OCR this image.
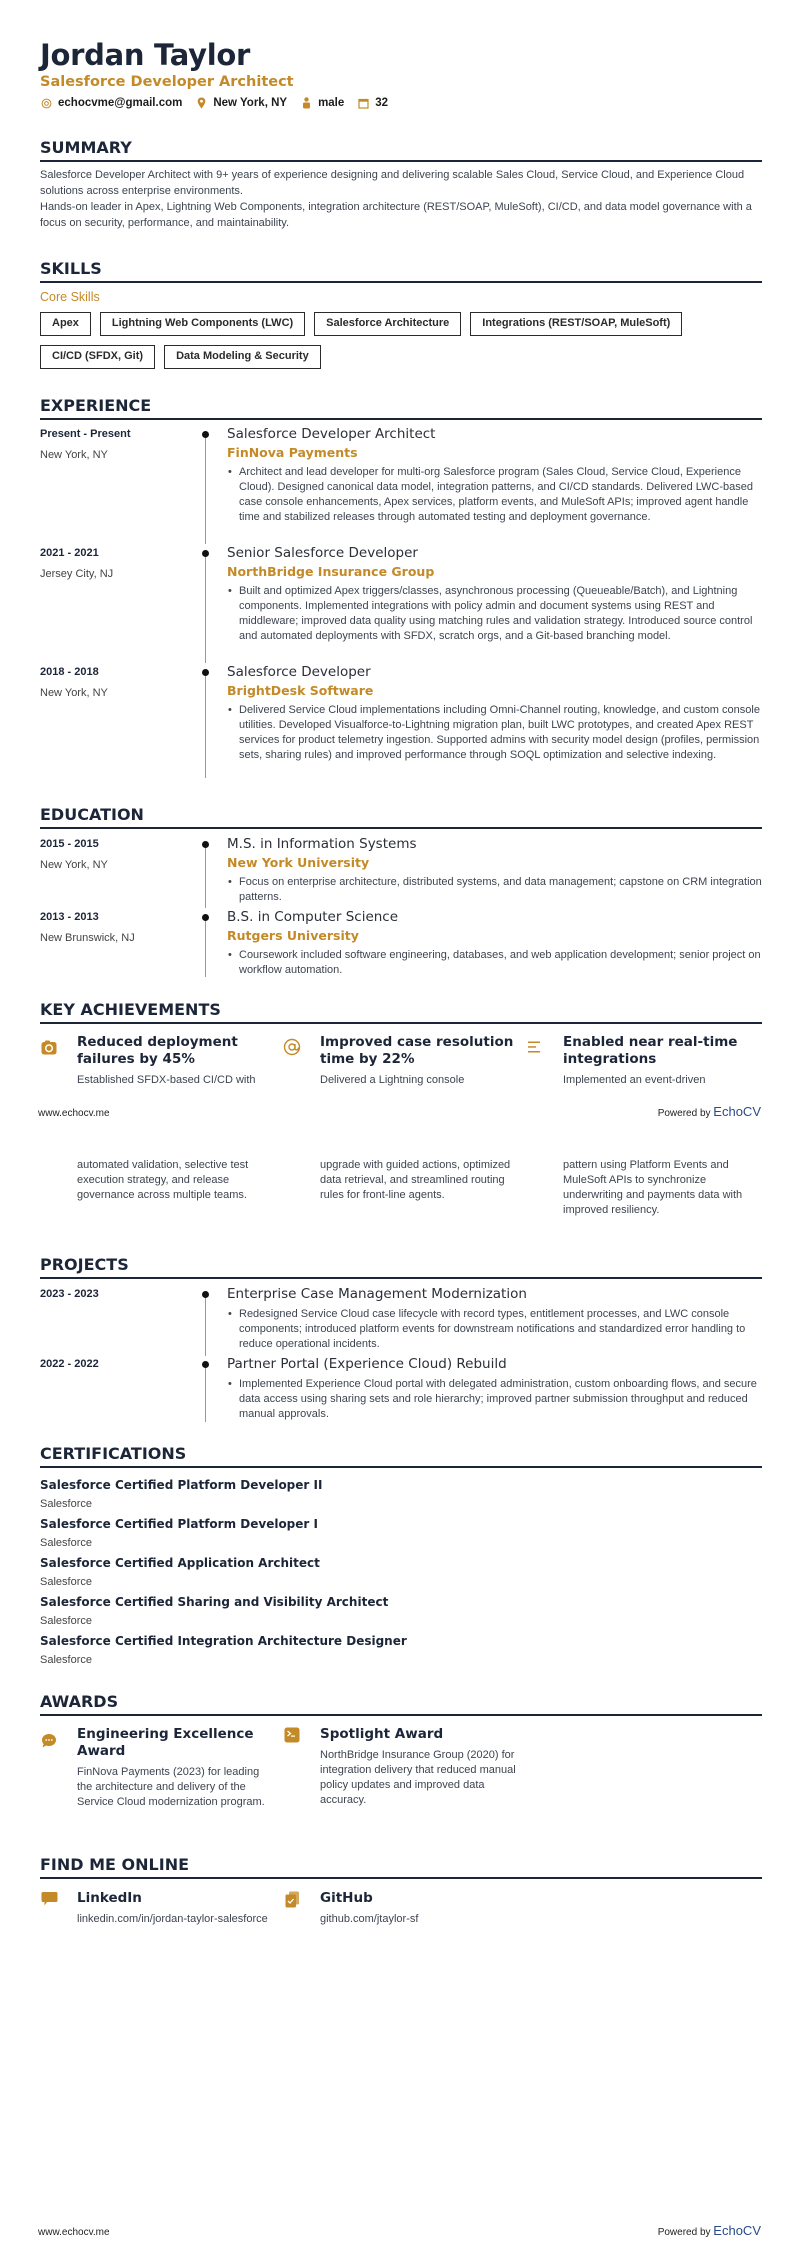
Jordan Taylor
Salesforce Developer Architect
echocvme@gmail.com	New York, NY	male	32
SUMMARY

Salesforce Developer Architect with 9+ years of experience designing and delivering scalable Sales Cloud, Service Cloud, and Experience Cloud solutions across enterprise environments.

Hands-on leader in Apex, Lightning Web Components, integration architecture (REST/SOAP, MuleSoft), CI/CD, and data model governance with a focus on security, performance, and maintainability.

SKILLS
Core Skills
Apex	Lightning Web Components (LWC)	Salesforce Architecture	Integrations (REST/SOAP, MuleSoft)
CI/CD (SFDX, Git)	Data Modeling & Security
EXPERIENCE
Present - Present
New York, NY
Salesforce Developer Architect
FinNova Payments
• Architect and lead developer for multi-org Salesforce program (Sales Cloud, Service Cloud, Experience Cloud). Designed canonical data model, integration patterns, and CI/CD standards. Delivered LWC-based case console enhancements, Apex services, platform events, and MuleSoft APIs; improved agent handle time and stabilized releases through automated testing and deployment governance.
2021 - 2021
Jersey City, NJ
Senior Salesforce Developer
NorthBridge Insurance Group
• Built and optimized Apex triggers/classes, asynchronous processing (Queueable/Batch), and Lightning components. Implemented integrations with policy admin and document systems using REST and middleware; improved data quality using matching rules and validation strategy. Introduced source control and automated deployments with SFDX, scratch orgs, and a Git-based branching model.
2018 - 2018
New York, NY
Salesforce Developer
BrightDesk Software
• Delivered Service Cloud implementations including Omni-Channel routing, knowledge, and custom console utilities. Developed Visualforce-to-Lightning migration plan, built LWC prototypes, and created Apex REST services for product telemetry ingestion. Supported admins with security model design (profiles, permission sets, sharing rules) and improved performance through SOQL optimization and selective indexing.
EDUCATION
2015 - 2015
New York, NY
M.S. in Information Systems
New York University
• Focus on enterprise architecture, distributed systems, and data management; capstone on CRM integration patterns.
2013 - 2013
New Brunswick, NJ
B.S. in Computer Science
Rutgers University
• Coursework included software engineering, databases, and web application development; senior project on workflow automation.
KEY ACHIEVEMENTS
Reduced deployment failures by 45%
Established SFDX-based CI/CD with
Improved case resolution time by 22%
Delivered a Lightning console
Enabled near real-time integrations
Implemented an event-driven
www.echocv.me	Powered by EchoCV
automated validation, selective test execution strategy, and release governance across multiple teams.
upgrade with guided actions, optimized data retrieval, and streamlined routing rules for front-line agents.
pattern using Platform Events and MuleSoft APIs to synchronize underwriting and payments data with improved resiliency.
PROJECTS
2023 - 2023	Enterprise Case Management Modernization
• Redesigned Service Cloud case lifecycle with record types, entitlement processes, and LWC console components; introduced platform events for downstream notifications and standardized error handling to reduce operational incidents.
2022 - 2022	Partner Portal (Experience Cloud) Rebuild
• Implemented Experience Cloud portal with delegated administration, custom onboarding flows, and secure data access using sharing sets and role hierarchy; improved partner submission throughput and reduced manual approvals.
CERTIFICATIONS
Salesforce Certified Platform Developer II
Salesforce
Salesforce Certified Platform Developer I
Salesforce
Salesforce Certified Application Architect
Salesforce
Salesforce Certified Sharing and Visibility Architect
Salesforce
Salesforce Certified Integration Architecture Designer
Salesforce
AWARDS
Engineering Excellence Award
FinNova Payments (2023) for leading the architecture and delivery of the Service Cloud modernization program.
Spotlight Award
NorthBridge Insurance Group (2020) for integration delivery that reduced manual policy updates and improved data accuracy.
FIND ME ONLINE
LinkedIn
linkedin.com/in/jordan-taylor-salesforce
GitHub
github.com/jtaylor-sf
www.echocv.me	Powered by EchoCV
